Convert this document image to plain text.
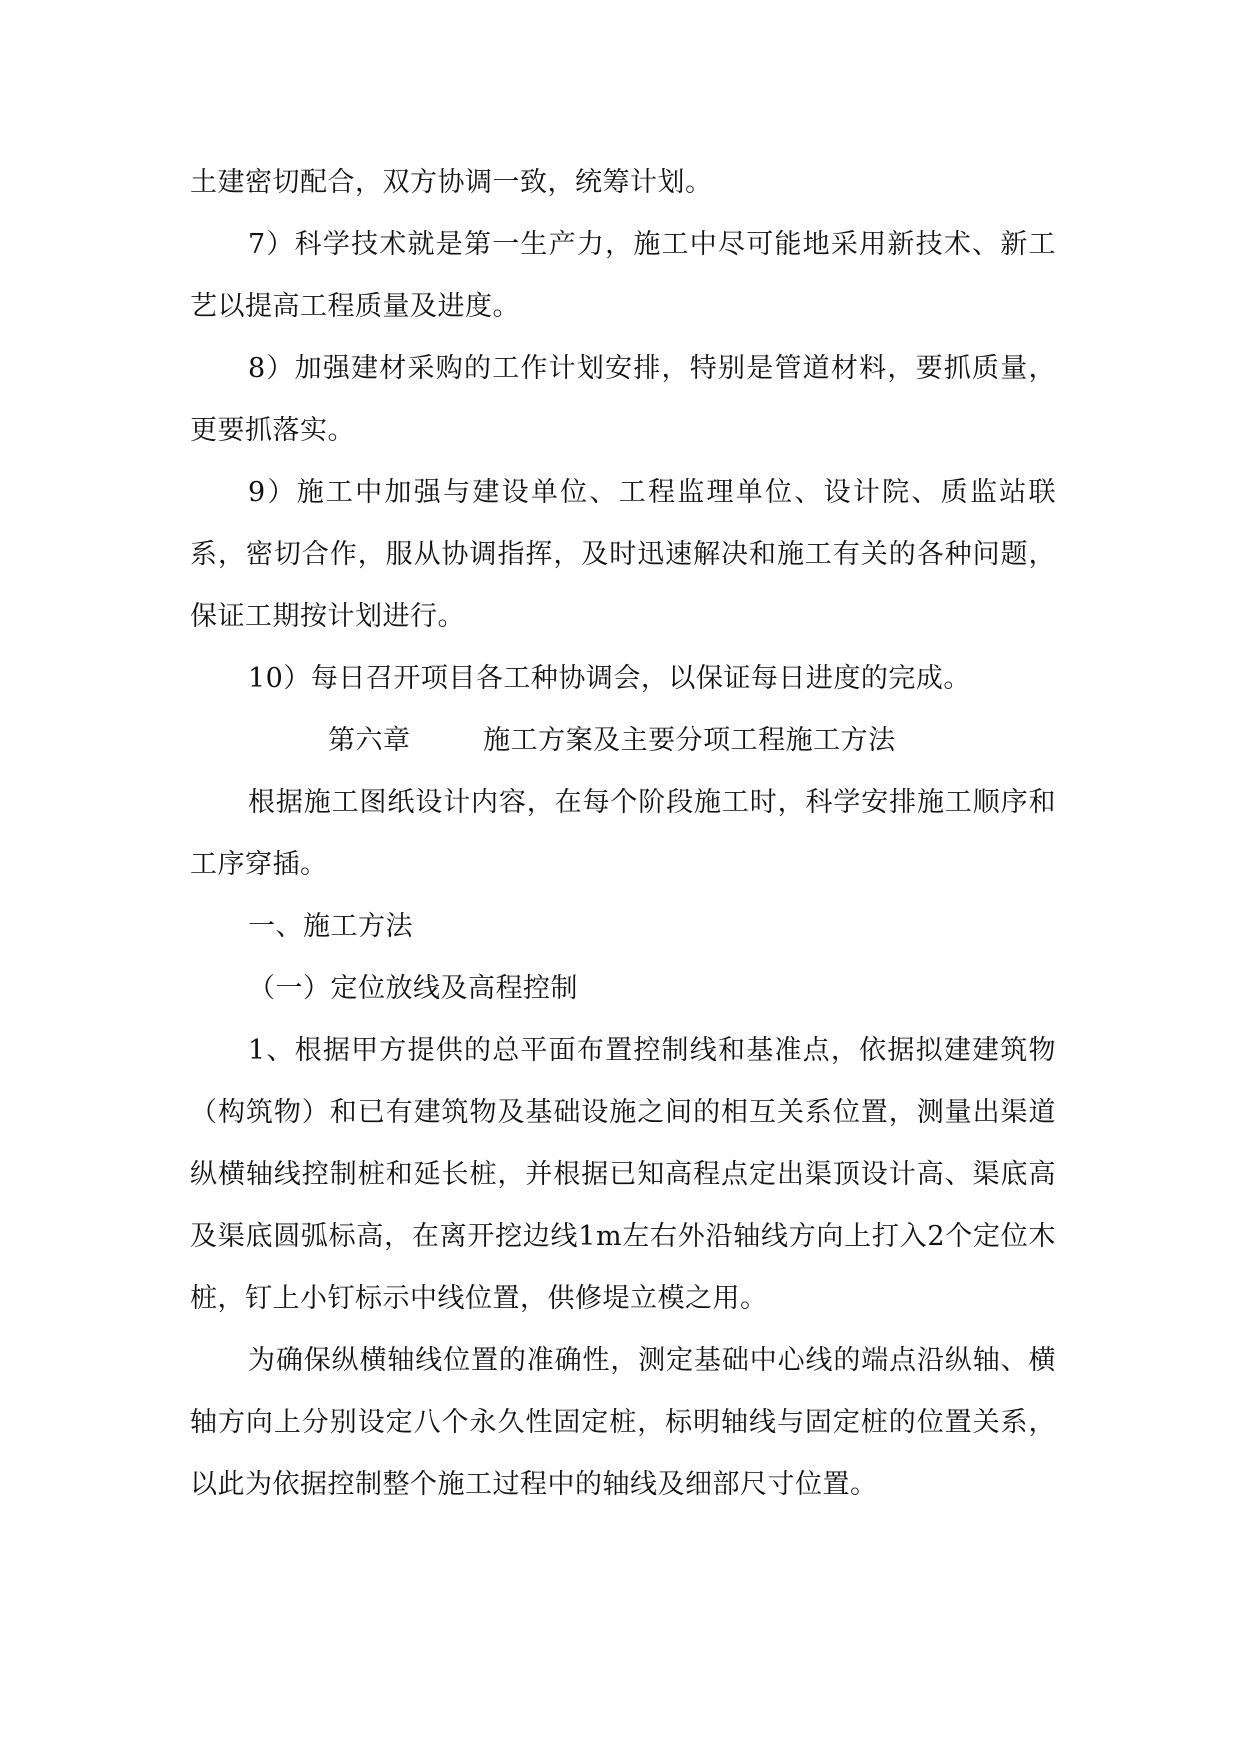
土建密切配合，双方协调一致，统筹计划。

7）科学技术就是第一生产力，施工中尽可能地采用新技术、新工艺以提高工程质量及进度。

8）加强建材采购的工作计划安排，特别是管道材料，要抓质量，更要抓落实。

9）施工中加强与建设单位、工程监理单位、设计院、质监站联系，密切合作，服从协调指挥，及时迅速解决和施工有关的各种问题，保证工期按计划进行。

10）每日召开项目各工种协调会，以保证每日进度的完成。

第六章	施工方案及主要分项工程施工方法

根据施工图纸设计内容，在每个阶段施工时，科学安排施工顺序和工序穿插。

一、施工方法

（一）定位放线及高程控制

1、根据甲方提供的总平面布置控制线和基准点，依据拟建建筑物（构筑物）和已有建筑物及基础设施之间的相互关系位置，测量出渠道纵横轴线控制桩和延长桩，并根据已知高程点定出渠顶设计高、渠底高及渠底圆弧标高，在离开挖边线1m左右外沿轴线方向上打入2个定位木桩，钉上小钉标示中线位置，供修堤立模之用。

为确保纵横轴线位置的准确性，测定基础中心线的端点沿纵轴、横轴方向上分别设定八个永久性固定桩，标明轴线与固定桩的位置关系，以此为依据控制整个施工过程中的轴线及细部尺寸位置。
